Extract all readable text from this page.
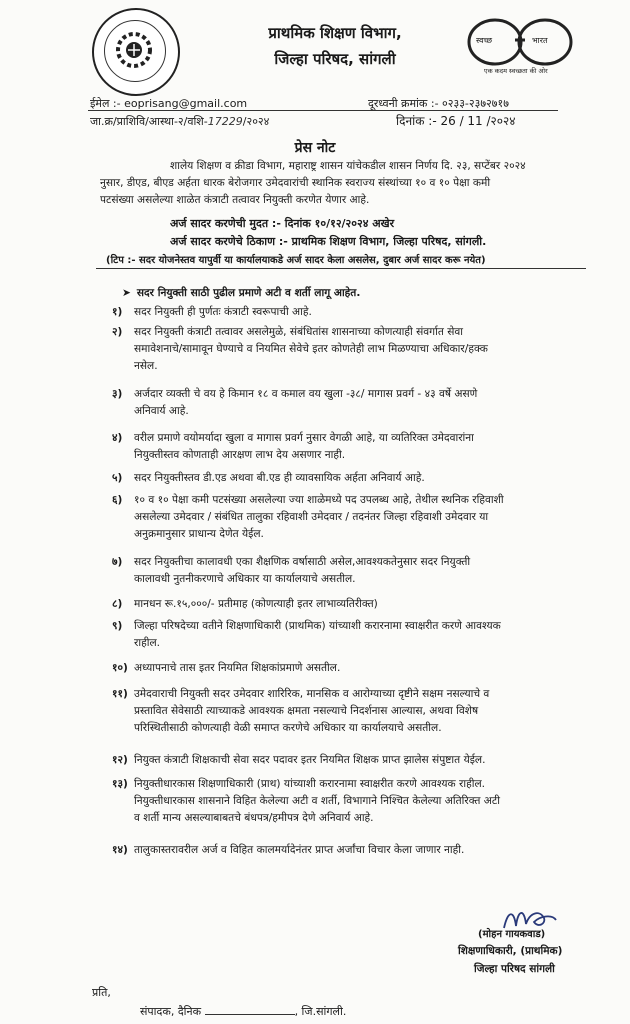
प्राथमिक शिक्षण विभाग,
जिल्हा परिषद, सांगली
स्वच्छ	भारत
एक कदम स्वच्छता की ओर
ईमेल :- eoprisang@gmail.com	दूरध्वनी क्रमांक :- ०२३३-२३७२७१७
जा.क्र/प्राशिवि/आस्था-२/वशि-17229/२०२४	दिनांक :- 26 / 11 /२०२४
प्रेस नोट
शालेय शिक्षण व क्रीडा विभाग, महाराष्ट्र शासन यांचेकडील शासन निर्णय दि. २३, सप्टेंबर २०२४
नुसार, डीएड, बीएड अर्हता धारक बेरोजगार उमेदवारांची स्थानिक स्वराज्य संस्थांच्या १० व १० पेक्षा कमी
पटसंख्या असलेल्या शाळेत कंत्राटी तत्वावर नियुक्ती करणेत येणार आहे.
अर्ज सादर करणेची मुदत :- दिनांक १०/१२/२०२४ अखेर
अर्ज सादर करणेचे ठिकाण :- प्राथमिक शिक्षण विभाग, जिल्हा परिषद, सांगली.
(टिप :- सदर योजनेस्तव यापुर्वी या कार्यालयाकडे अर्ज सादर केला असलेस, दुबार अर्ज सादर करू नयेत)
➤ सदर नियुक्ती साठी पुढील प्रमाणे अटी व शर्ती लागू आहेत.
१) सदर नियुक्ती ही पुर्णतः कंत्राटी स्वरूपाची आहे.
२) सदर नियुक्ती कंत्राटी तत्वावर असलेमुळे, संबंधितांस शासनाच्या कोणत्याही संवर्गात सेवा
समावेशनाचे/सामावून घेण्याचे व नियमित सेवेचे इतर कोणतेही लाभ मिळण्याचा अधिकार/हक्क
नसेल.
३) अर्जदार व्यक्ती चे वय हे किमान १८ व कमाल वय खुला -३८/ मागास प्रवर्ग - ४३ वर्षे असणे
अनिवार्य आहे.
४) वरील प्रमाणे वयोमर्यादा खुला व मागास प्रवर्ग नुसार वेगळी आहे, या व्यतिरिक्त उमेदवारांना
नियुक्तीस्तव कोणताही आरक्षण लाभ देय असणार नाही.
५) सदर नियुक्तीस्तव डी.एड अथवा बी.एड ही व्यावसायिक अर्हता अनिवार्य आहे.
६) १० व १० पेक्षा कमी पटसंख्या असलेल्या ज्या शाळेमध्ये पद उपलब्ध आहे, तेथील स्थनिक रहिवाशी
असलेल्या उमेदवार / संबंधित तालुका रहिवाशी उमेदवार / तदनंतर जिल्हा रहिवाशी उमेदवार या
अनुक्रमानुसार प्राधान्य देणेत येईल.
७) सदर नियुक्तीचा कालावधी एका शैक्षणिक वर्षासाठी असेल,आवश्यकतेनुसार सदर नियुक्ती
कालावधी नुतनीकरणाचे अधिकार या कार्यालयाचे असतील.
८) मानधन रू.१५,०००/- प्रतीमाह (कोणत्याही इतर लाभाव्यतिरीक्त)
९) जिल्हा परिषदेच्या वतीने शिक्षणाधिकारी (प्राथमिक) यांच्याशी करारनामा स्वाक्षरीत करणे आवश्यक
राहील.
१०) अध्यापनाचे तास इतर नियमित शिक्षकांप्रमाणे असतील.
११) उमेदवाराची नियुक्ती सदर उमेदवार शारिरिक, मानसिक व आरोग्याच्या दृष्टीने सक्षम नसल्याचे व
प्रस्तावित सेवेसाठी त्याच्याकडे आवश्यक क्षमता नसल्याचे निदर्शनास आल्यास, अथवा विशेष
परिस्थितीसाठी कोणत्याही वेळी समाप्त करणेचे अधिकार या कार्यालयाचे असतील.
१२) नियुक्त कंत्राटी शिक्षकाची सेवा सदर पदावर इतर नियमित शिक्षक प्राप्त झालेस संपुष्टात येईल.
१३) नियुक्तीधारकास शिक्षणाधिकारी (प्राथ) यांच्याशी करारनामा स्वाक्षरीत करणे आवश्यक राहील.
नियुक्तीधारकास शासनाने विहित केलेल्या अटी व शर्ती, विभागाने निश्चित केलेल्या अतिरिक्त अटी
व शर्ती मान्य असल्याबाबतचे बंधपत्र/हमीपत्र देणे अनिवार्य आहे.
१४) तालुकास्तरावरील अर्ज व विहित कालमर्यादेनंतर प्राप्त अर्जांचा विचार केला जाणार नाही.
(मोहन गायकवाड)
शिक्षणाधिकारी, (प्राथमिक)
जिल्हा परिषद सांगली
प्रति,
संपादक, दैनिक	, जि.सांगली.
